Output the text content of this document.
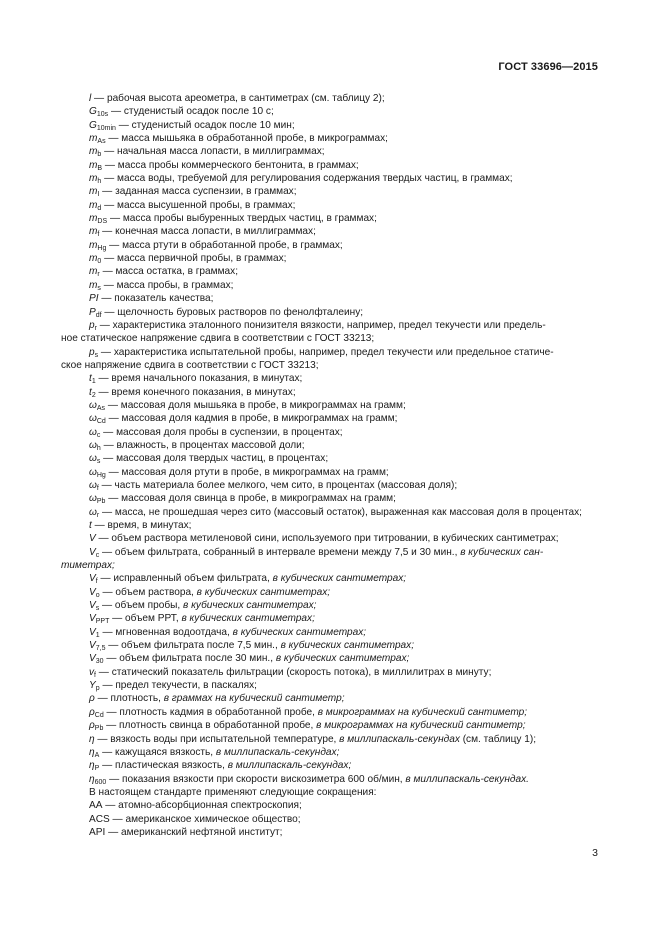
ГОСТ 33696—2015

l — рабочая высота ареометра, в сантиметрах (см. таблицу 2);

$G_{10s}$ — студенистый осадок после 10 с;

$G_{10min}$ — студенистый осадок после 10 мин;

$m_{As}$ — масса мышьяка в обработанной пробе, в микрограммах;

$m_b$ — начальная масса лопасти, в миллиграммах;

$m_B$ — масса пробы коммерческого бентонита, в граммах;

$m_h$ — масса воды, требуемой для регулирования содержания твердых частиц, в граммах;

$m_I$ — заданная масса суспензии, в граммах;

$m_d$ — масса высушенной пробы, в граммах;

$m_{DS}$ — масса пробы выбуренных твердых частиц, в граммах;

$m_f$ — конечная масса лопасти, в миллиграммах;

$m_{Hg}$ — масса ртути в обработанной пробе, в граммах;

$m_0$ — масса первичной пробы, в граммах;

$m_r$ — масса остатка, в граммах;

$m_s$ — масса пробы, в граммах;

PI — показатель качества;

$P_{df}$ — щелочность буровых растворов по фенолфталеину;

$p_r$ — характеристика эталонного понизителя вязкости, например, предел текучести или предель-

ное статическое напряжение сдвига в соответствии с ГОСТ 33213;

$p_s$ — характеристика испытательной пробы, например, предел текучести или предельное статиче-

ское напряжение сдвига в соответствии с ГОСТ 33213;

$t_1$ — время начального показания, в минутах;

$t_2$ — время конечного показания, в минутах;

$\omega_{As}$ — массовая доля мышьяка в пробе, в микрограммах на грамм;

$\omega_{Cd}$ — массовая доля кадмия в пробе, в микрограммах на грамм;

$\omega_c$ — массовая доля пробы в суспензии, в процентах;

$\omega_h$ — влажность, в процентах массовой доли;

$\omega_s$ — массовая доля твердых частиц, в процентах;

$\omega_{Hg}$ — массовая доля ртути в пробе, в микрограммах на грамм;

$\omega_f$ — часть материала более мелкого, чем сито, в процентах (массовая доля);

$\omega_{Pb}$ — массовая доля свинца в пробе, в микрограммах на грамм;

$\omega_r$ — масса, не прошедшая через сито (массовый остаток), выраженная как массовая доля в процентах;

t — время, в минутах;

V — объем раствора метиленовой сини, используемого при титровании, в кубических сантиметрах;

$V_c$ — объем фильтрата, собранный в интервале времени между 7,5 и 30 мин., в кубических сан-

тиметрах;

$V_f$ — исправленный объем фильтрата, в кубических сантиметрах;

$V_o$ — объем раствора, в кубических сантиметрах;

$V_s$ — объем пробы, в кубических сантиметрах;

$V_{PPT}$ — объем РРТ, в кубических сантиметрах;

$V_1$ — мгновенная водоотдача, в кубических сантиметрах;

$V_{7,5}$ — объем фильтрата после 7,5 мин., в кубических сантиметрах;

$V_{30}$ — объем фильтрата после 30 мин., в кубических сантиметрах;

$v_f$ — статический показатель фильтрации (скорость потока), в миллилитрах в минуту;

$Y_p$ — предел текучести, в паскалях;

ρ — плотность, в граммах на кубический сантиметр;

$\rho_{Cd}$ — плотность кадмия в обработанной пробе, в микрограммах на кубический сантиметр;

$\rho_{Pb}$ — плотность свинца в обработанной пробе, в микрограммах на кубический сантиметр;

η — вязкость воды при испытательной температуре, в миллипаскаль-секундах (см. таблицу 1);

$\eta_A$ — кажущаяся вязкость, в миллипаскаль-секундах;

$\eta_P$ — пластическая вязкость, в миллипаскаль-секундах;

$\eta_{600}$ — показания вязкости при скорости вискозиметра 600 об/мин, в миллипаскаль-секундах.

В настоящем стандарте применяют следующие сокращения:

АА — атомно-абсорбционная спектроскопия;

ACS — американское химическое общество;

API — американский нефтяной институт;

3
